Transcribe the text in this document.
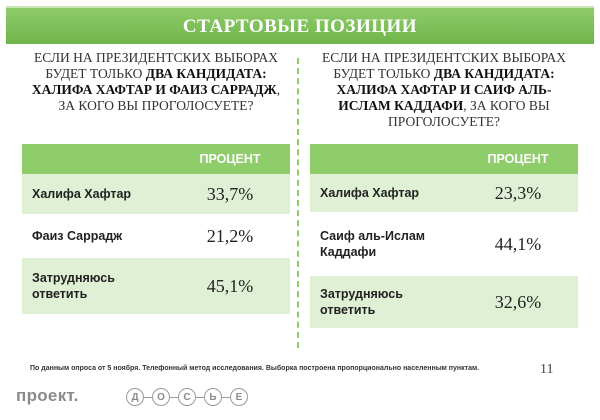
СТАРТОВЫЕ ПОЗИЦИИ
ЕСЛИ НА ПРЕЗИДЕНТСКИХ ВЫБОРАХ БУДЕТ ТОЛЬКО ДВА КАНДИДАТА: ХАЛИФА ХАФТАР И ФАИЗ САРРАДЖ, ЗА КОГО ВЫ ПРОГОЛОСУЕТЕ?
ПРОЦЕНТ
Халифа Хафтар	33,7%
Фаиз Саррадж	21,2%
Затрудняюсь ответить	45,1%
ЕСЛИ НА ПРЕЗИДЕНТСКИХ ВЫБОРАХ БУДЕТ ТОЛЬКО ДВА КАНДИДАТА: ХАЛИФА ХАФТАР И САИФ АЛЬ-ИСЛАМ КАДДАФИ, ЗА КОГО ВЫ ПРОГОЛОСУЕТЕ?
ПРОЦЕНТ
Халифа Хафтар	23,3%
Саиф аль-Ислам Каддафи	44,1%
Затрудняюсь ответить	32,6%
По данным опроса от 5 ноября. Телефонный метод исследования. Выборка построена пропорционально населенным пунктам.	11
проект.	Д	О	С	Ь	Е
